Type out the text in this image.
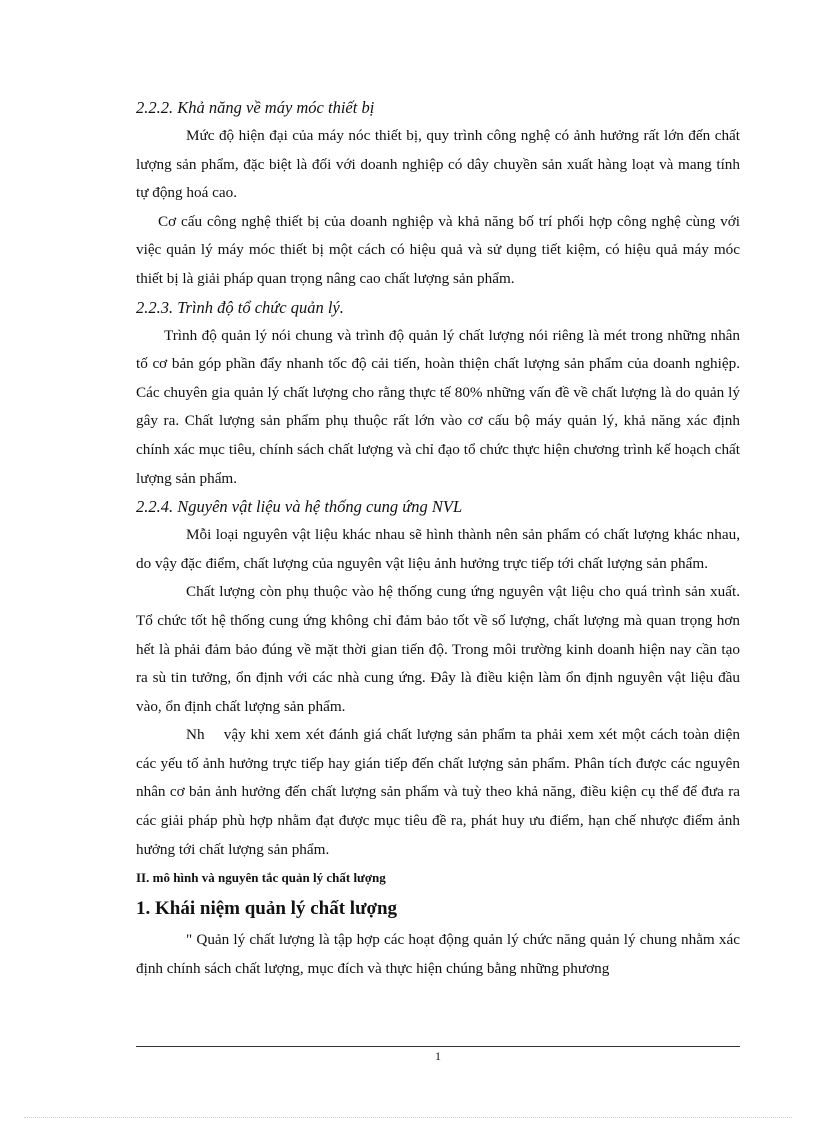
2.2.2. Khả năng về máy móc thiết bị

Mức độ hiện đại của máy nóc thiết bị, quy trình công nghệ có ảnh hưởng rất lớn đến chất lượng sản phẩm, đặc biệt là đối với doanh nghiệp có dây chuyền sản xuất hàng loạt và mang tính tự động hoá cao.

Cơ cấu công nghệ thiết bị của doanh nghiệp và khả năng bố trí phối hợp công nghệ cùng với việc quản lý máy móc thiết bị một cách có hiệu quả và sử dụng tiết kiệm, có hiệu quả máy móc thiết bị là giải pháp quan trọng nâng cao chất lượng sản phẩm.

2.2.3. Trình độ tổ chức quản lý.

Trình độ quản lý nói chung và trình độ quản lý chất lượng nói riêng là mét trong những nhân tố cơ bản góp phần đẩy nhanh tốc độ cải tiến, hoàn thiện chất lượng sản phẩm của doanh nghiệp. Các chuyên gia quản lý chất lượng cho rằng thực tế 80% những vấn đề về chất lượng là do quản lý gây ra. Chất lượng sản phẩm phụ thuộc rất lớn vào cơ cấu bộ máy quản lý, khả năng xác định chính xác mục tiêu, chính sách chất lượng và chỉ đạo tổ chức thực hiện chương trình kế hoạch chất lượng sản phẩm.

2.2.4. Nguyên vật liệu và hệ thống cung ứng NVL

Mỗi loại nguyên vật liệu khác nhau sẽ hình thành nên sản phẩm có chất lượng khác nhau, do vậy đặc điểm, chất lượng của nguyên vật liệu ảnh hưởng trực tiếp tới chất lượng sản phẩm.

Chất lượng còn phụ thuộc vào hệ thống cung ứng nguyên vật liệu cho quá trình sản xuất. Tổ chức tốt hệ thống cung ứng không chỉ đảm bảo tốt về số lượng, chất lượng mà quan trọng hơn hết là phải đảm bảo đúng về mặt thời gian tiến độ. Trong môi trường kinh doanh hiện nay cần tạo ra sù tin tưởng, ổn định với các nhà cung ứng. Đây là điều kiện làm ổn định nguyên vật liệu đầu vào, ổn định chất lượng sản phẩm.

Nh    vậy khi xem xét đánh giá chất lượng sản phẩm ta phải xem xét một cách toàn diện các yếu tố ảnh hưởng trực tiếp hay gián tiếp đến chất lượng sản phẩm. Phân tích được các nguyên nhân cơ bản ảnh hưởng đến chất lượng sản phẩm và tuỳ theo khả năng, điều kiện cụ thể để đưa ra các giải pháp phù hợp nhằm đạt được mục tiêu đề ra, phát huy ưu điểm, hạn chế nhược điểm ảnh hưởng tới chất lượng sản phẩm.

II. mô hình và nguyên tắc quản lý chất lượng

1. Khái niệm quản lý chất lượng

" Quản lý chất lượng là tập hợp các hoạt động quản lý chức năng quản lý chung nhằm xác định chính sách chất lượng, mục đích và thực hiện chúng bằng những phương

1
